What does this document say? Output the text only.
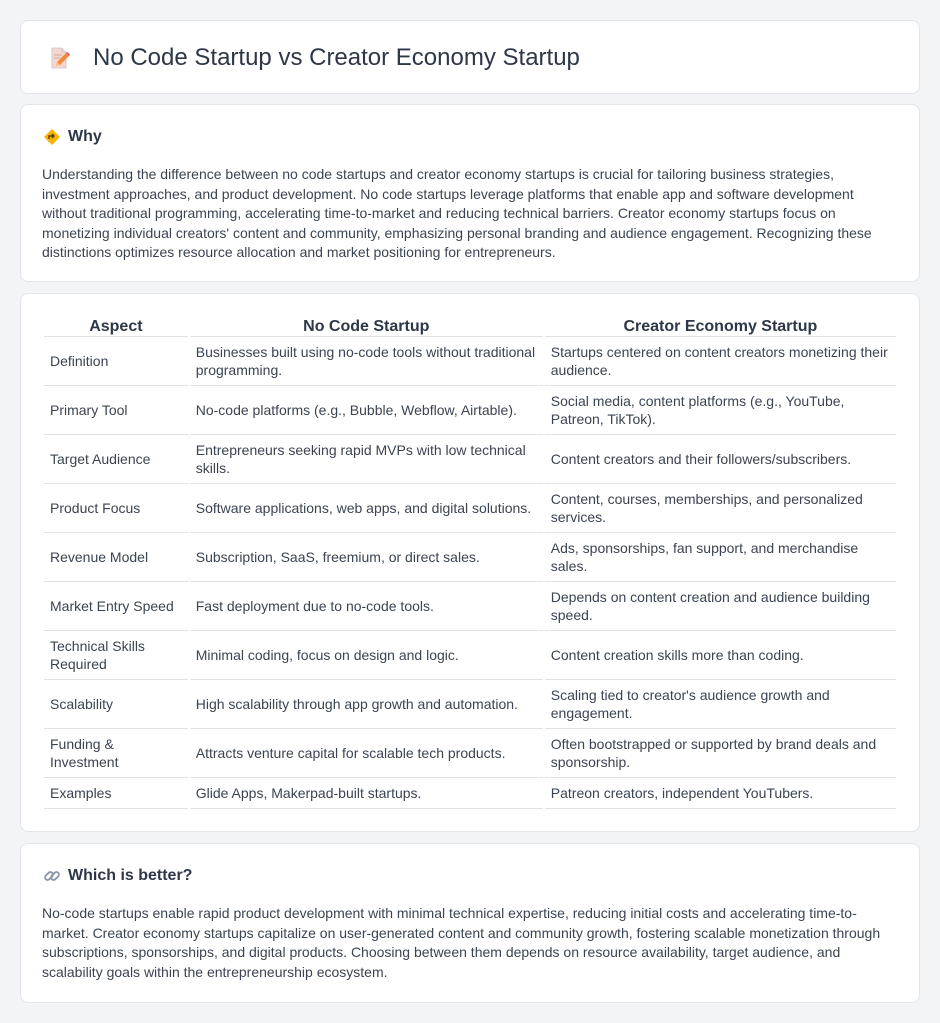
No Code Startup vs Creator Economy Startup
Why

Understanding the difference between no code startups and creator economy startups is crucial for tailoring business strategies, investment approaches, and product development. No code startups leverage platforms that enable app and software development without traditional programming, accelerating time-to-market and reducing technical barriers. Creator economy startups focus on monetizing individual creators' content and community, emphasizing personal branding and audience engagement. Recognizing these distinctions optimizes resource allocation and market positioning for entrepreneurs.

Aspect	No Code Startup	Creator Economy Startup
Definition	Businesses built using no-code tools without traditional programming.	Startups centered on content creators monetizing their audience.
Primary Tool	No-code platforms (e.g., Bubble, Webflow, Airtable).	Social media, content platforms (e.g., YouTube, Patreon, TikTok).
Target Audience	Entrepreneurs seeking rapid MVPs with low technical skills.	Content creators and their followers/subscribers.
Product Focus	Software applications, web apps, and digital solutions.	Content, courses, memberships, and personalized services.
Revenue Model	Subscription, SaaS, freemium, or direct sales.	Ads, sponsorships, fan support, and merchandise sales.
Market Entry Speed	Fast deployment due to no-code tools.	Depends on content creation and audience building speed.
Technical Skills Required	Minimal coding, focus on design and logic.	Content creation skills more than coding.
Scalability	High scalability through app growth and automation.	Scaling tied to creator's audience growth and engagement.
Funding & Investment	Attracts venture capital for scalable tech products.	Often bootstrapped or supported by brand deals and sponsorship.
Examples	Glide Apps, Makerpad-built startups.	Patreon creators, independent YouTubers.
Which is better?

No-code startups enable rapid product development with minimal technical expertise, reducing initial costs and accelerating time-to-market. Creator economy startups capitalize on user-generated content and community growth, fostering scalable monetization through subscriptions, sponsorships, and digital products. Choosing between them depends on resource availability, target audience, and scalability goals within the entrepreneurship ecosystem.
